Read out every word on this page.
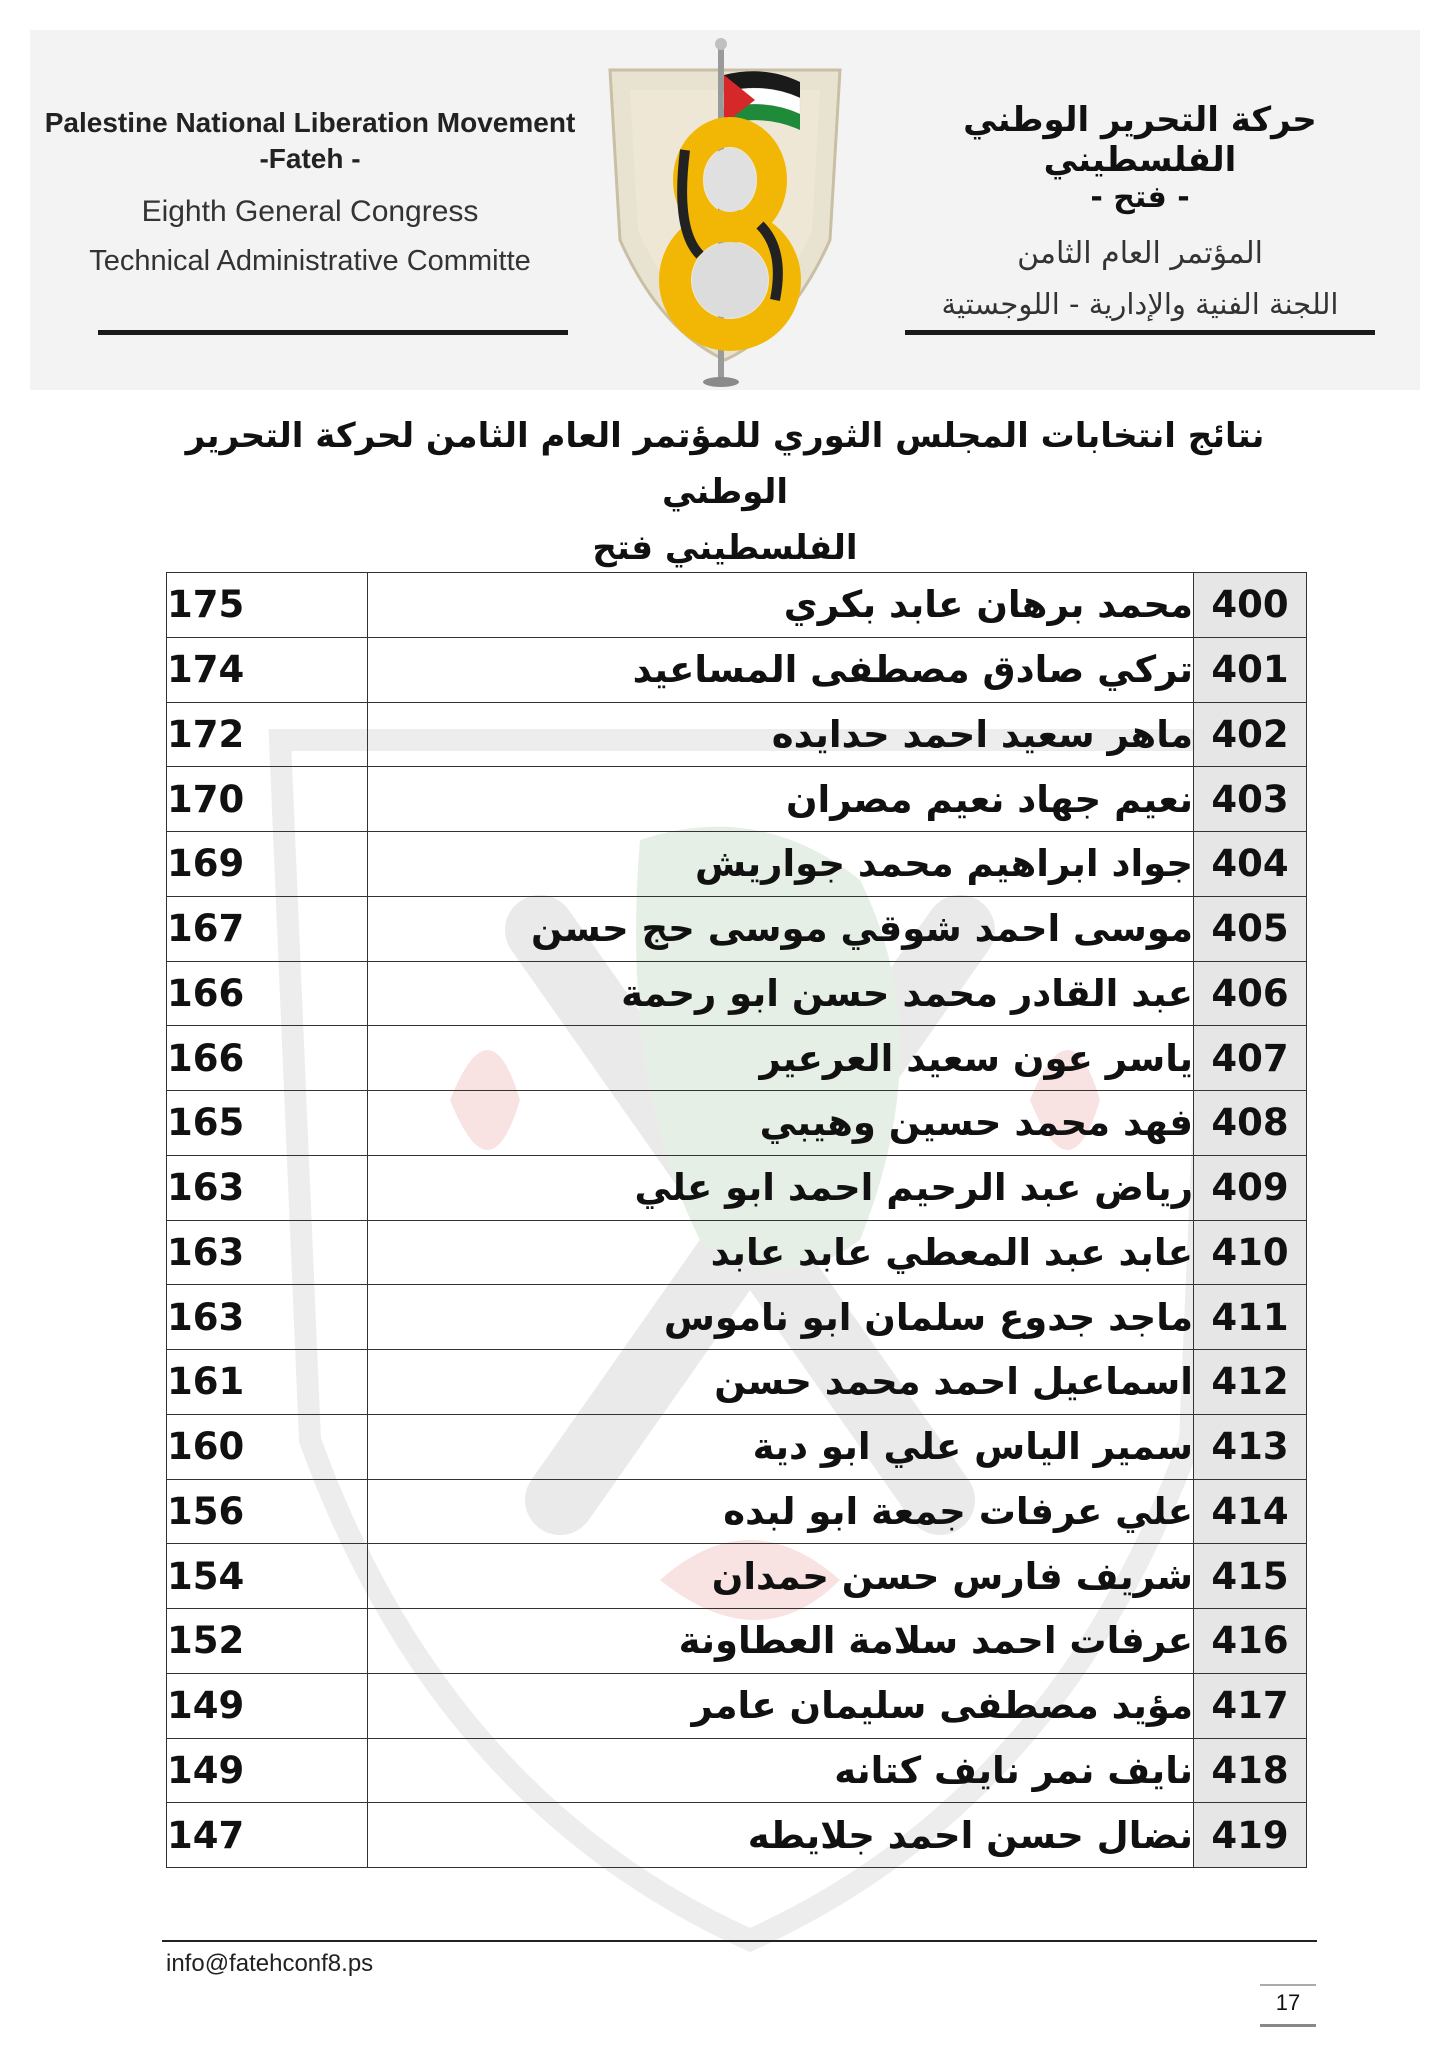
Palestine National Liberation Movement
-Fateh -
Eighth General Congress
Technical Administrative Committe
حركة التحرير الوطني الفلسطيني
- فتح -
المؤتمر العام الثامن
اللجنة الفنية والإدارية - اللوجستية
نتائج انتخابات المجلس الثوري للمؤتمر العام الثامن لحركة التحرير الوطني
الفلسطيني فتح
400	محمد برهان عابد بكري	175
401	تركي صادق مصطفى المساعيد	174
402	ماهر سعيد احمد حدايده	172
403	نعيم جهاد نعيم مصران	170
404	جواد ابراهيم محمد جواريش	169
405	موسى احمد شوقي موسى حج حسن	167
406	عبد القادر محمد حسن ابو رحمة	166
407	ياسر عون سعيد العرعير	166
408	فهد محمد حسين وهيبي	165
409	رياض عبد الرحيم احمد ابو علي	163
410	عابد عبد المعطي عابد عابد	163
411	ماجد جدوع سلمان ابو ناموس	163
412	اسماعيل احمد محمد حسن	161
413	سمير الياس علي ابو دية	160
414	علي عرفات جمعة ابو لبده	156
415	شريف فارس حسن حمدان	154
416	عرفات احمد سلامة العطاونة	152
417	مؤيد مصطفى سليمان عامر	149
418	نايف نمر نايف كتانه	149
419	نضال حسن احمد جلايطه	147
info@fatehconf8.ps
17
